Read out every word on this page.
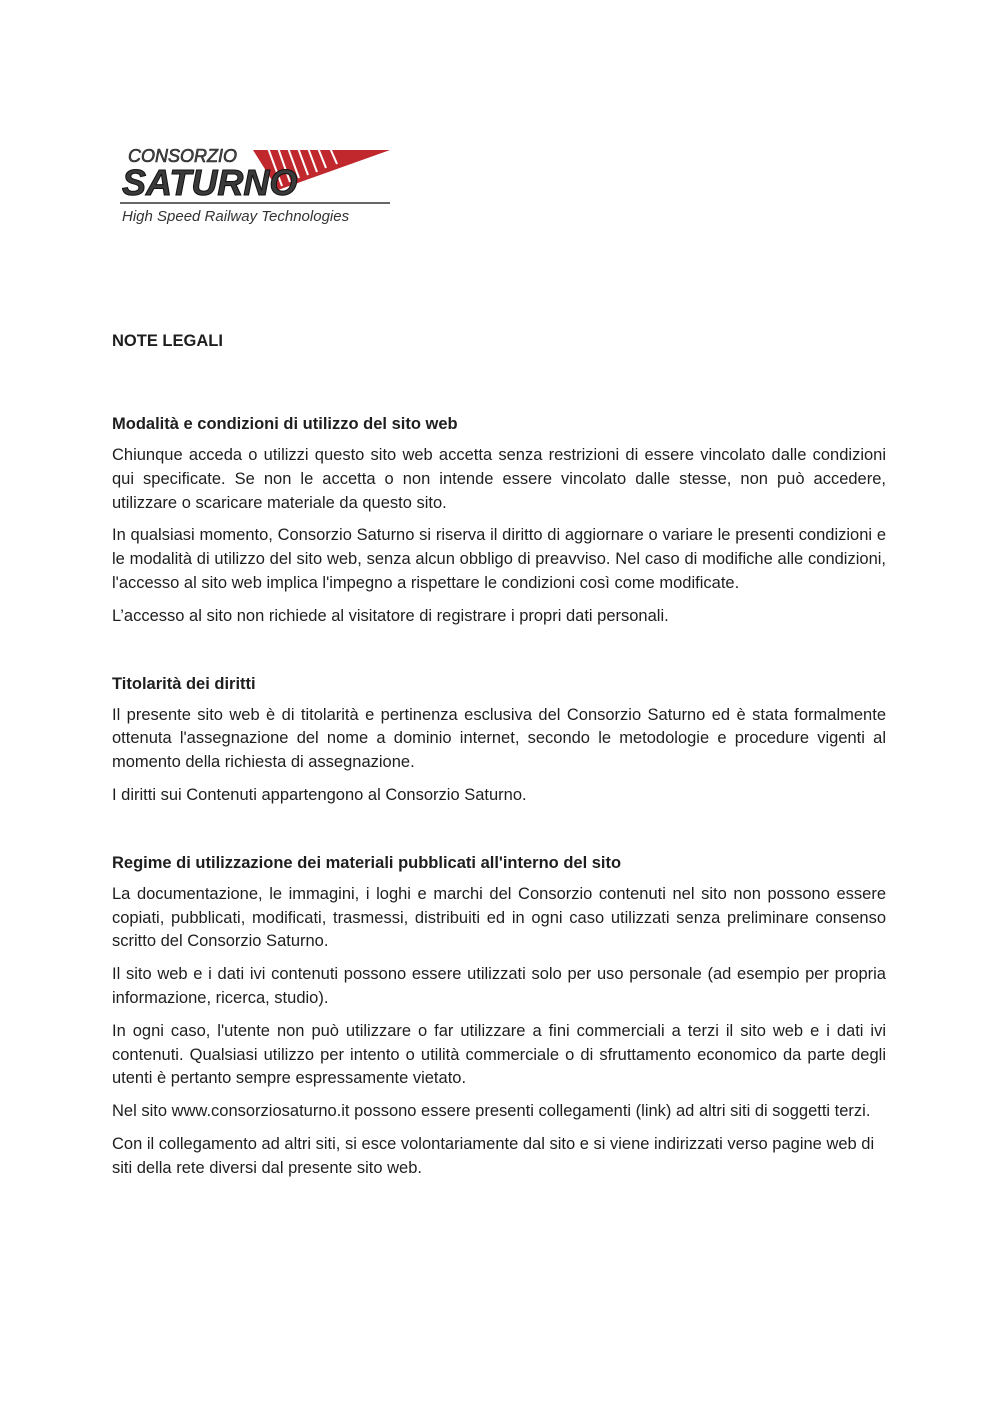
CONSORZIO
SATURNO
High Speed Railway Technologies
NOTE LEGALI
Modalità e condizioni di utilizzo del sito web

Chiunque acceda o utilizzi questo sito web accetta senza restrizioni di essere vincolato dalle condizioni qui specificate. Se non le accetta o non intende essere vincolato dalle stesse, non può accedere, utilizzare o scaricare materiale da questo sito.

In qualsiasi momento, Consorzio Saturno si riserva il diritto di aggiornare o variare le presenti condizioni e le modalità di utilizzo del sito web, senza alcun obbligo di preavviso. Nel caso di modifiche alle condizioni, l'accesso al sito web implica l'impegno a rispettare le condizioni così come modificate.

L’accesso al sito non richiede al visitatore di registrare i propri dati personali.

Titolarità dei diritti

Il presente sito web è di titolarità e pertinenza esclusiva del Consorzio Saturno ed è stata formalmente ottenuta l'assegnazione del nome a dominio internet, secondo le metodologie e procedure vigenti al momento della richiesta di assegnazione.

I diritti sui Contenuti appartengono al Consorzio Saturno.

Regime di utilizzazione dei materiali pubblicati all'interno del sito

La documentazione, le immagini, i loghi e marchi del Consorzio contenuti nel sito non possono essere copiati, pubblicati, modificati, trasmessi, distribuiti ed in ogni caso utilizzati senza preliminare consenso scritto del Consorzio Saturno.

Il sito web e i dati ivi contenuti possono essere utilizzati solo per uso personale (ad esempio per propria informazione, ricerca, studio).

In ogni caso, l'utente non può utilizzare o far utilizzare a fini commerciali a terzi il sito web e i dati ivi contenuti. Qualsiasi utilizzo per intento o utilità commerciale o di sfruttamento economico da parte degli utenti è pertanto sempre espressamente vietato.

Nel sito www.consorziosaturno.it possono essere presenti collegamenti (link) ad altri siti di soggetti terzi.

Con il collegamento ad altri siti, si esce volontariamente dal sito e si viene indirizzati verso pagine web di siti della rete diversi dal presente sito web.
